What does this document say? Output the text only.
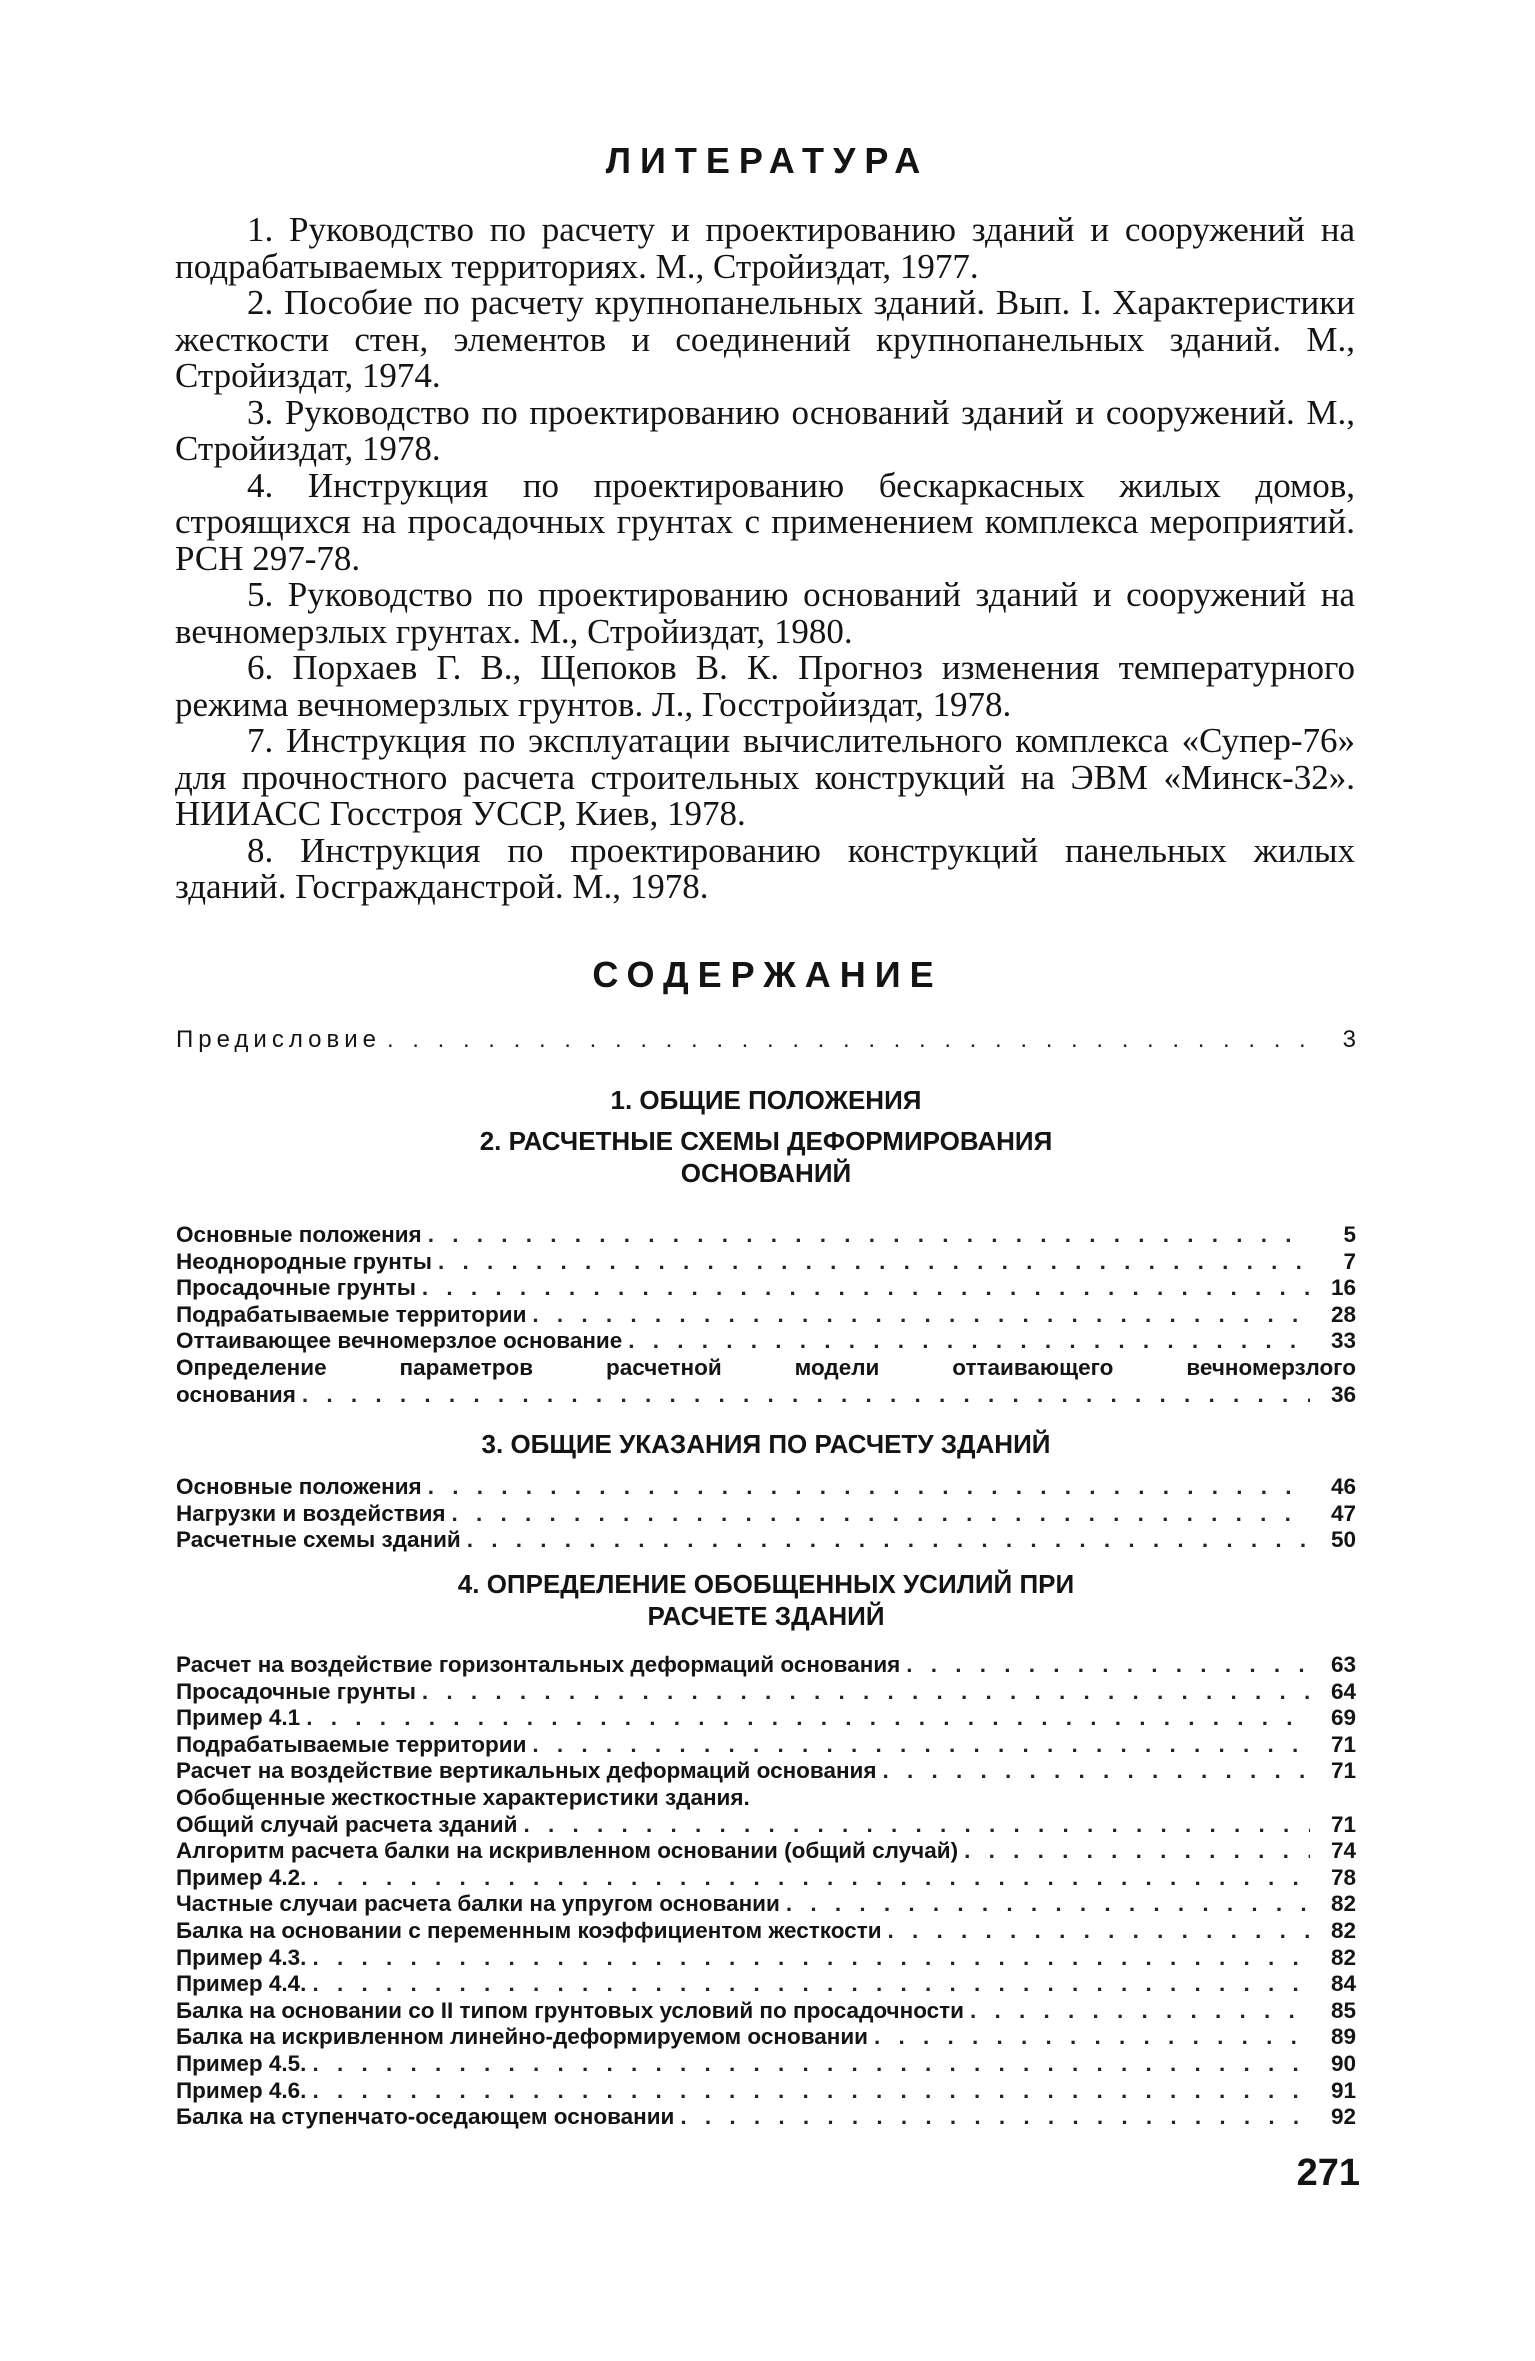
ЛИТЕРАТУРА

1. Руководство по расчету и проектированию зданий и сооружений на подрабатываемых территориях. М., Стройиздат, 1977.

2. Пособие по расчету крупнопанельных зданий. Вып. I. Характеристики жесткости стен, элементов и соединений крупнопанельных зданий. М., Стройиздат, 1974.

3. Руководство по проектированию оснований зданий и сооружений. М., Стройиздат, 1978.

4. Инструкция по проектированию бескаркасных жилых домов, строящихся на просадочных грунтах с применением комплекса мероприятий. РСН 297-78.

5. Руководство по проектированию оснований зданий и сооружений на вечномерзлых грунтах. М., Стройиздат, 1980.

6. Порхаев Г. В., Щепоков В. К. Прогноз изменения температурного режима вечномерзлых грунтов. Л., Госстройиздат, 1978.

7. Инструкция по эксплуатации вычислительного комплекса «Супер-76» для прочностного расчета строительных конструкций на ЭВМ «Минск-32». НИИАСС Госстроя УССР, Киев, 1978.

8. Инструкция по проектированию конструкций панельных жилых зданий. Госгражданстрой. М., 1978.

СОДЕРЖАНИЕ
Предисловие . . .	3
1. ОБЩИЕ ПОЛОЖЕНИЯ
2. РАСЧЕТНЫЕ СХЕМЫ ДЕФОРМИРОВАНИЯ ОСНОВАНИЙ
Основные положения . . .	5
Неоднородные грунты . . .	7
Просадочные грунты . . .	16
Подрабатываемые территории . . .	28
Оттаивающее вечномерзлое основание . . .	33
Определение параметров расчетной модели оттаивающего вечномерзлого
основания . . .	36
3. ОБЩИЕ УКАЗАНИЯ ПО РАСЧЕТУ ЗДАНИЙ
Основные положения . . .	46
Нагрузки и воздействия . . .	47
Расчетные схемы зданий . . .	50
4. ОПРЕДЕЛЕНИЕ ОБОБЩЕННЫХ УСИЛИЙ ПРИ РАСЧЕТЕ ЗДАНИЙ
Расчет на воздействие горизонтальных деформаций основания . . .	63
Просадочные грунты . . .	64
Пример 4.1 . . .	69
Подрабатываемые территории . . .	71
Расчет на воздействие вертикальных деформаций основания . . .	71
Обобщенные жесткостные характеристики здания.
Общий случай расчета зданий . . .	71
Алгоритм расчета балки на искривленном основании (общий случай) . . .	74
Пример 4.2. . . .	78
Частные случаи расчета балки на упругом основании . . .	82
Балка на основании с переменным коэффициентом жесткости . . .	82
Пример 4.3. . . .	82
Пример 4.4. . . .	84
Балка на основании со II типом грунтовых условий по просадочности . . .	85
Балка на искривленном линейно-деформируемом основании . . .	89
Пример 4.5. . . .	90
Пример 4.6. . . .	91
Балка на ступенчато-оседающем основании . . .	92
271
